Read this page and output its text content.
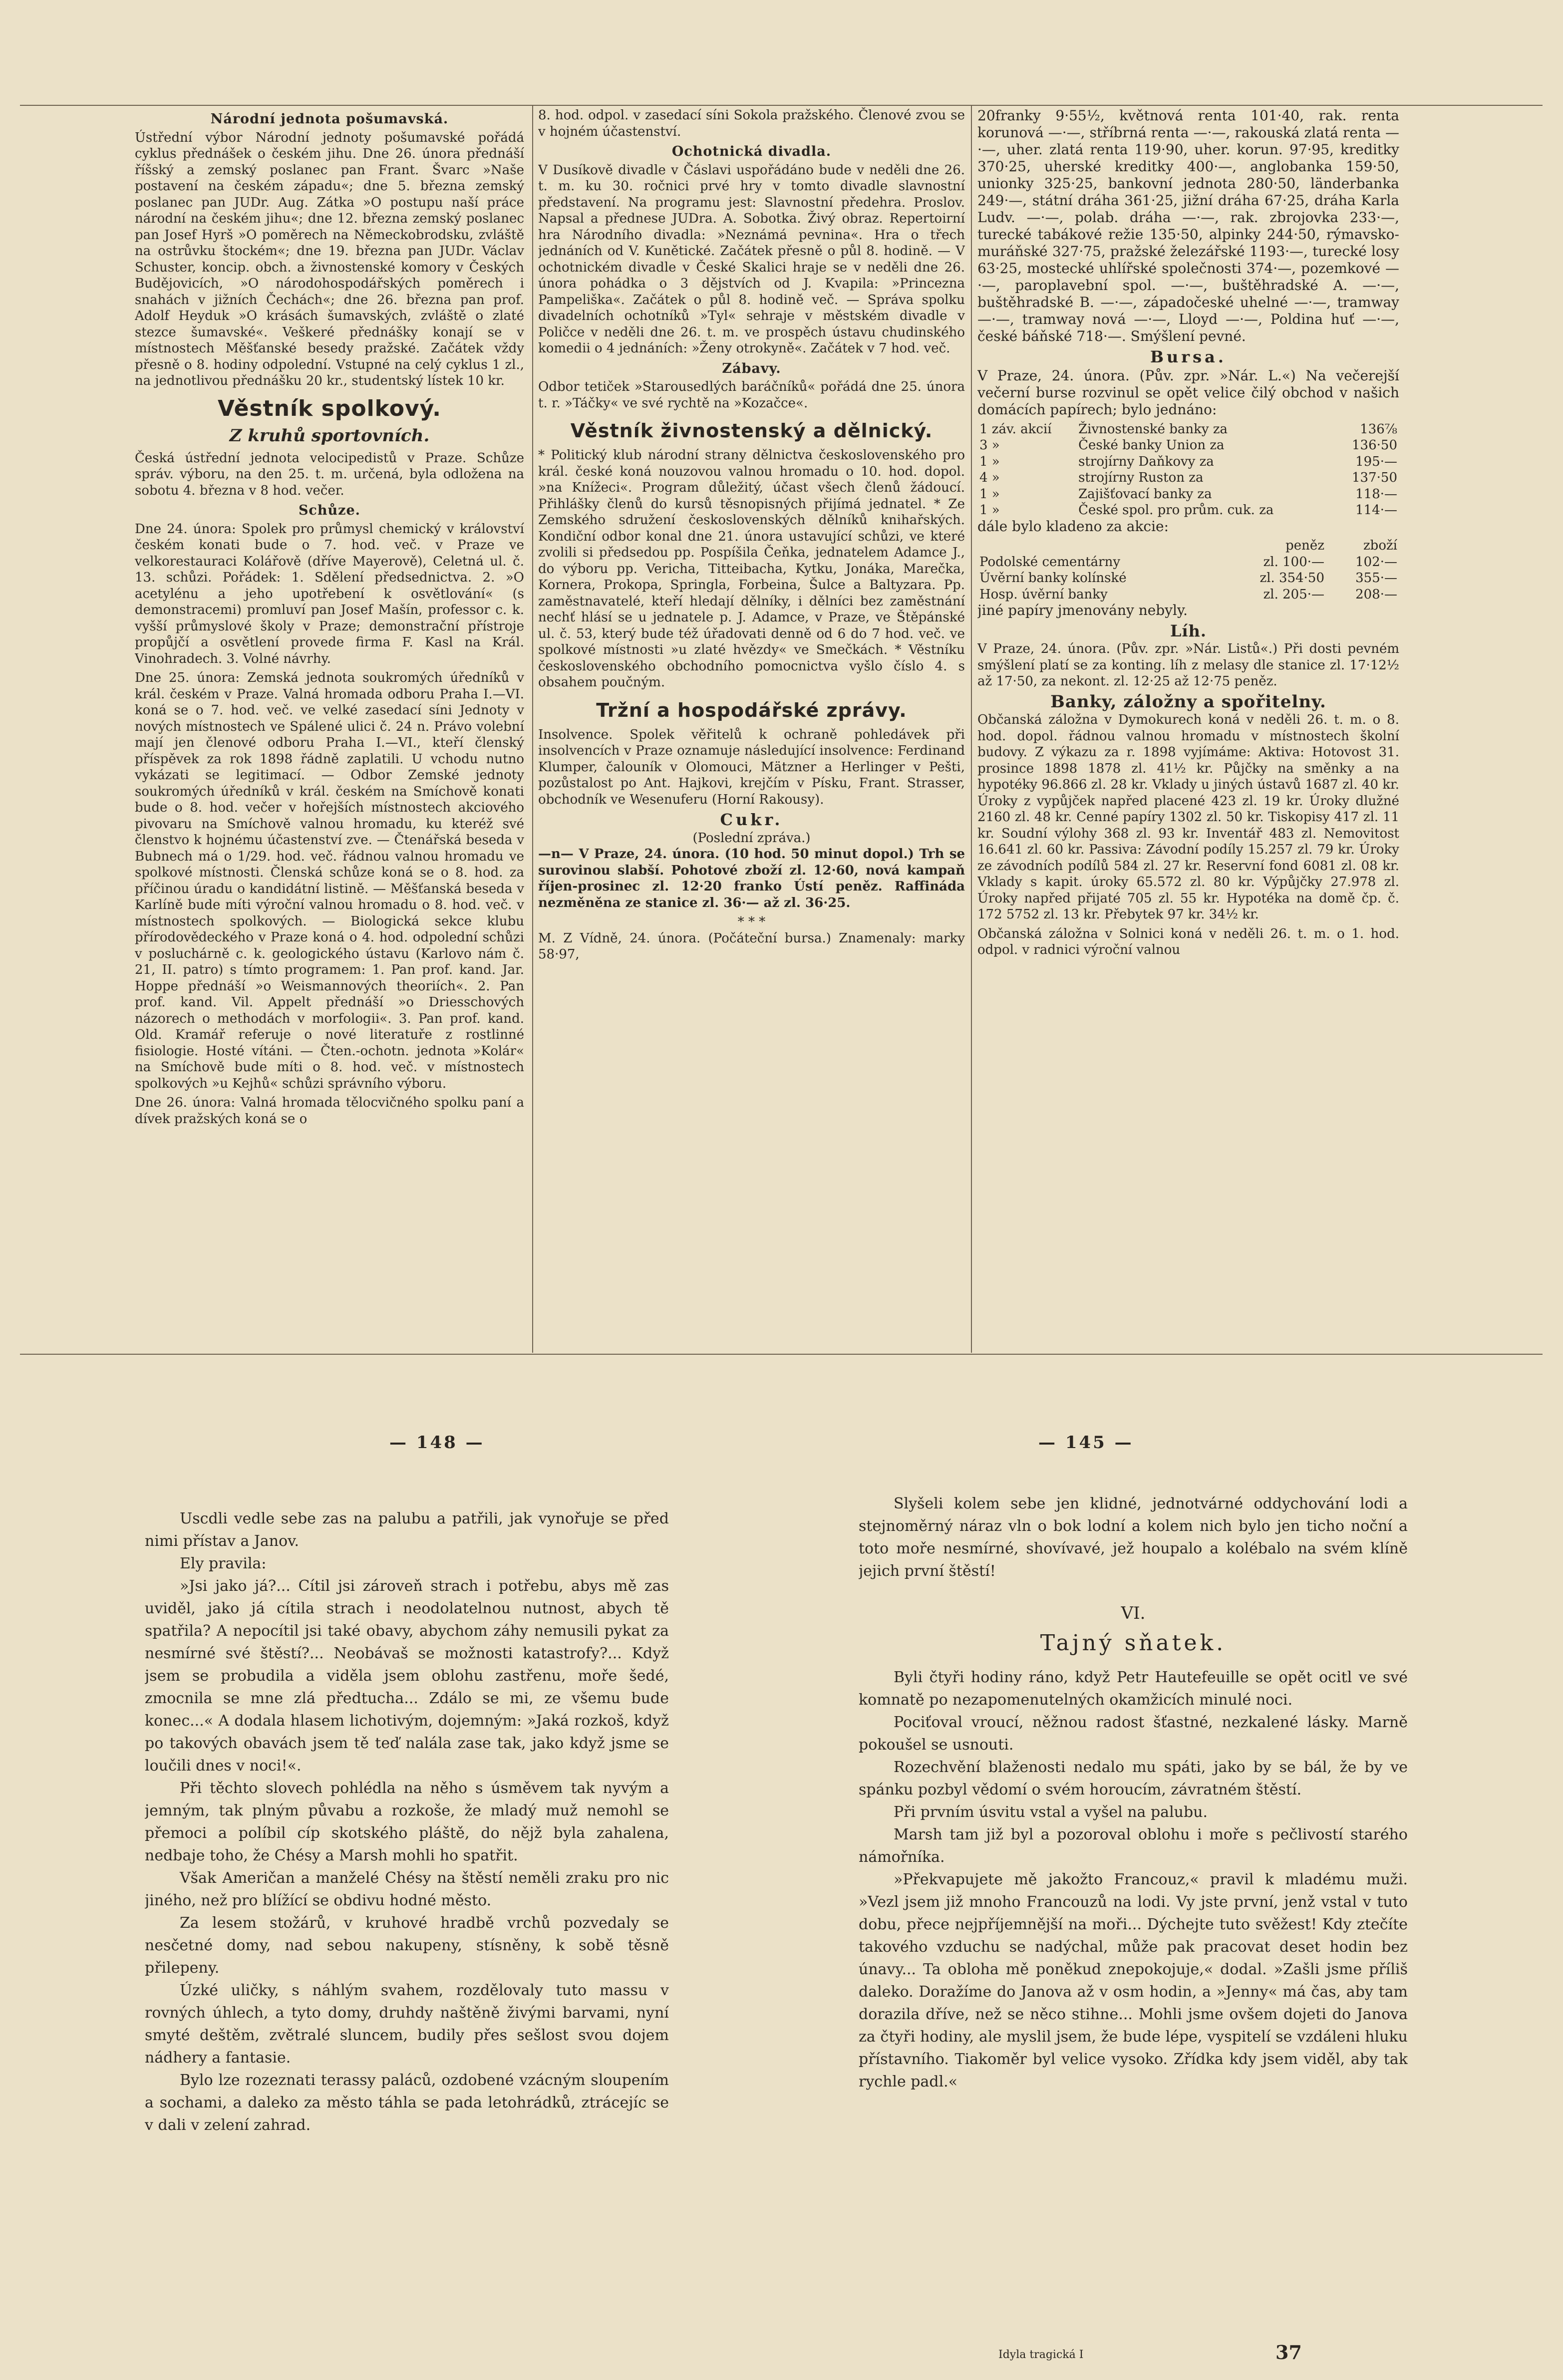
Národní jednota pošumavská.

Ústřední výbor Národní jednoty pošumavské pořádá cyklus přednášek o českém jihu. Dne 26. února přednáší říšský a zemský poslanec pan Frant. Švarc »Naše postavení na českém západu«; dne 5. března zemský poslanec pan JUDr. Aug. Zátka »O postupu naší práce národní na českém jihu«; dne 12. března zemský poslanec pan Josef Hyrš »O poměrech na Německobrodsku, zvláště na ostrůvku štockém«; dne 19. března pan JUDr. Václav Schuster, koncip. obch. a živnostenské komory v Českých Budějovicích, »O národohospodářských poměrech i snahách v jižních Čechách«; dne 26. března pan prof. Adolf Heyduk »O krásách šumavských, zvláště o zlaté stezce šumavské«. Veškeré přednášky konají se v místnostech Měšťanské besedy pražské. Začátek vždy přesně o 8. hodiny odpolední. Vstupné na celý cyklus 1 zl., na jednotlivou přednášku 20 kr., studentský lístek 10 kr.

Věstník spolkový.
Z kruhů sportovních.

Česká ústřední jednota velocipedistů v Praze. Schůze správ. výboru, na den 25. t. m. určená, byla odložena na sobotu 4. března v 8 hod. večer.

Schůze.

Dne 24. února: Spolek pro průmysl chemický v království českém konati bude o 7. hod. več. v Praze ve velkorestauraci Kolářově (dříve Mayerově), Celetná ul. č. 13. schůzi. Pořádek: 1. Sdělení předsednictva. 2. »O acetylénu a jeho upotřebení k osvětlování« (s demonstracemi) promluví pan Josef Mašín, professor c. k. vyšší průmyslové školy v Praze; demonstrační přístroje propůjčí a osvětlení provede firma F. Kasl na Král. Vinohradech. 3. Volné návrhy.

Dne 25. února: Zemská jednota soukromých úředníků v král. českém v Praze. Valná hromada odboru Praha I.—VI. koná se o 7. hod. več. ve velké zasedací síni Jednoty v nových místnostech ve Spálené ulici č. 24 n. Právo volební mají jen členové odboru Praha I.—VI., kteří členský příspěvek za rok 1898 řádně zaplatili. U vchodu nutno vykázati se legitimací. — Odbor Zemské jednoty soukromých úředníků v král. českém na Smíchově konati bude o 8. hod. večer v hořejších místnostech akciového pivovaru na Smíchově valnou hromadu, ku kteréž své členstvo k hojnému účastenství zve. — Čtenářská beseda v Bubnech má o 1/29. hod. več. řádnou valnou hromadu ve spolkové místnosti. Členská schůze koná se o 8. hod. za příčinou úradu o kandidátní listině. — Měšťanská beseda v Karlíně bude míti výroční valnou hromadu o 8. hod. več. v místnostech spolkových. — Biologická sekce klubu přírodovědeckého v Praze koná o 4. hod. odpolední schůzi v posluchárně c. k. geologického ústavu (Karlovo nám č. 21, II. patro) s tímto programem: 1. Pan prof. kand. Jar. Hoppe přednáší »o Weismannových theoriích«. 2. Pan prof. kand. Vil. Appelt přednáší »o Driesschových názorech o methodách v morfologii«. 3. Pan prof. kand. Old. Kramář referuje o nové literatuře z rostlinné fisiologie. Hosté vítáni. — Čten.-ochotn. jednota »Kolár« na Smíchově bude míti o 8. hod. več. v místnostech spolkových »u Kejhů« schůzi správního výboru.

Dne 26. února: Valná hromada tělocvičného spolku paní a dívek pražských koná se o

8. hod. odpol. v zasedací síni Sokola pražského. Členové zvou se v hojném účastenství.

Ochotnická divadla.

V Dusíkově divadle v Čáslavi uspořádáno bude v neděli dne 26. t. m. ku 30. ročnici prvé hry v tomto divadle slavnostní představení. Na programu jest: Slavnostní předehra. Proslov. Napsal a přednese JUDra. A. Sobotka. Živý obraz. Repertoirní hra Národního divadla: »Neznámá pevnina«. Hra o třech jednáních od V. Kunětické. Začátek přesně o půl 8. hodině. — V ochotnickém divadle v České Skalici hraje se v neděli dne 26. února pohádka o 3 dějstvích od J. Kvapila: »Princezna Pampeliška«. Začátek o půl 8. hodině več. — Správa spolku divadelních ochotníků »Tyl« sehraje v městském divadle v Poličce v neděli dne 26. t. m. ve prospěch ústavu chudinského komedii o 4 jednáních: »Ženy otrokyně«. Začátek v 7 hod. več.

Zábavy.

Odbor tetiček »Starousedlých baráčníků« pořádá dne 25. února t. r. »Táčky« ve své rychtě na »Kozačce«.

Věstník živnostenský a dělnický.

* Politický klub národní strany dělnictva československého pro král. české koná nouzovou valnou hromadu o 10. hod. dopol. »na Knížeci«. Program důležitý, účast všech členů žádoucí. Přihlášky členů do kursů těsnopisných přijímá jednatel. * Ze Zemského sdružení československých dělníků knihařských. Kondiční odbor konal dne 21. února ustavující schůzi, ve které zvolili si předsedou pp. Pospíšila Čeňka, jednatelem Adamce J., do výboru pp. Vericha, Titteibacha, Kytku, Jonáka, Marečka, Kornera, Prokopa, Springla, Forbeina, Šulce a Baltyzara. Pp. zaměstnavatelé, kteří hledají dělníky, i dělníci bez zaměstnání nechť hlásí se u jednatele p. J. Adamce, v Praze, ve Štěpánské ul. č. 53, který bude též úřadovati denně od 6 do 7 hod. več. ve spolkové místnosti »u zlaté hvězdy« ve Smečkách. * Věstníku československého obchodního pomocnictva vyšlo číslo 4. s obsahem poučným.

Tržní a hospodářské zprávy.

Insolvence. Spolek věřitelů k ochraně pohledávek při insolvencích v Praze oznamuje následující insolvence: Ferdinand Klumper, čalouník v Olomouci, Mätzner a Herlinger v Pešti, pozůstalost po Ant. Hajkovi, krejčím v Písku, Frant. Strasser, obchodník ve Wesenuferu (Horní Rakousy).

Cukr.
(Poslední zpráva.)

—n— V Praze, 24. února. (10 hod. 50 minut dopol.) Trh se surovinou slabší. Pohotové zboží zl. 12·60, nová kampaň říjen-prosinec zl. 12·20 franko Ústí peněz. Raffináda nezměněna ze stanice zl. 36·— až zl. 36·25.

* * *

M. Z Vídně, 24. února. (Počáteční bursa.) Znamenaly: marky 58·97,

20franky 9·55½, květnová renta 101·40, rak. renta korunová —·—, stříbrná renta —·—, rakouská zlatá renta —·—, uher. zlatá renta 119·90, uher. korun. 97·95, kreditky 370·25, uherské kreditky 400·—, anglobanka 159·50, unionky 325·25, bankovní jednota 280·50, länderbanka 249·—, státní dráha 361·25, jižní dráha 67·25, dráha Karla Ludv. —·—, polab. dráha —·—, rak. zbrojovka 233·—, turecké tabákové režie 135·50, alpinky 244·50, rýmavsko-muráňské 327·75, pražské železářské 1193·—, turecké losy 63·25, mostecké uhlířské společnosti 374·—, pozemkové —·—, paroplavební spol. —·—, buštěhradské A. —·—, buštěhradské B. —·—, západočeské uhelné —·—, tramway —·—, tramway nová —·—, Lloyd —·—, Poldina huť —·—, české báňské 718·—. Smýšlení pevné.

Bursa.

V Praze, 24. února. (Pův. zpr. »Nár. L.«) Na večerejší večerní burse rozvinul se opět velice čilý obchod v našich domácích papírech; bylo jednáno:

1 záv. akcií	Živnostenské banky za	136⅞
3 »	České banky Union za	136·50
1 »	strojírny Daňkovy za	195·—
4 »	strojírny Ruston za	137·50
1 »	Zajišťovací banky za	118·—
1 »	České spol. pro prům. cuk. za	114·—

dále bylo kladeno za akcie:

	peněz	zboží
Podolské cementárny	zl. 100·—	102·—
Úvěrní banky kolínské	zl. 354·50	355·—
Hosp. úvěrní banky	zl. 205·—	208·—

jiné papíry jmenovány nebyly.

Líh.

V Praze, 24. února. (Pův. zpr. »Nár. Listů«.) Při dosti pevném smýšlení platí se za konting. líh z melasy dle stanice zl. 17·12½ až 17·50, za nekont. zl. 12·25 až 12·75 peněz.

Banky, záložny a spořitelny.

Občanská záložna v Dymokurech koná v neděli 26. t. m. o 8. hod. dopol. řádnou valnou hromadu v místnostech školní budovy. Z výkazu za r. 1898 vyjímáme: Aktiva: Hotovost 31. prosince 1898 1878 zl. 41½ kr. Půjčky na směnky a na hypotéky 96.866 zl. 28 kr. Vklady u jiných ústavů 1687 zl. 40 kr. Úroky z vypůjček napřed placené 423 zl. 19 kr. Úroky dlužné 2160 zl. 48 kr. Cenné papíry 1302 zl. 50 kr. Tiskopisy 417 zl. 11 kr. Soudní výlohy 368 zl. 93 kr. Inventář 483 zl. Nemovitost 16.641 zl. 60 kr. Passiva: Závodní podíly 15.257 zl. 79 kr. Úroky ze závodních podílů 584 zl. 27 kr. Reservní fond 6081 zl. 08 kr. Vklady s kapit. úroky 65.572 zl. 80 kr. Výpůjčky 27.978 zl. Úroky napřed přijaté 705 zl. 55 kr. Hypotéka na domě čp. č. 172 5752 zl. 13 kr. Přebytek 97 kr. 34½ kr.

Občanská záložna v Solnici koná v neděli 26. t. m. o 1. hod. odpol. v radnici výroční valnou

— 148 —	— 145 —

Uscdli vedle sebe zas na palubu a patřili, jak vynořuje se před nimi přístav a Janov.

Ely pravila:

»Jsi jako já?... Cítil jsi zároveň strach i potřebu, abys mě zas uviděl, jako já cítila strach i neodolatelnou nutnost, abych tě spatřila? A nepocítil jsi také obavy, abychom záhy nemusili pykat za nesmírné své štěstí?... Neobávaš se možnosti katastrofy?... Když jsem se probudila a viděla jsem oblohu zastřenu, moře šedé, zmocnila se mne zlá předtucha... Zdálo se mi, ze všemu bude konec...« A dodala hlasem lichotivým, dojemným: »Jaká rozkoš, když po takových obavách jsem tě teď nalála zase tak, jako když jsme se loučili dnes v noci!«.

Při těchto slovech pohlédla na něho s úsměvem tak nyvým a jemným, tak plným půvabu a rozkoše, že mladý muž nemohl se přemoci a políbil cíp skotského pláště, do nějž byla zahalena, nedbaje toho, že Chésy a Marsh mohli ho spatřit.

Však Američan a manželé Chésy na štěstí neměli zraku pro nic jiného, než pro blížící se obdivu hodné město.

Za lesem stožárů, v kruhové hradbě vrchů pozvedaly se nesčetné domy, nad sebou nakupeny, stísněny, k sobě těsně přilepeny.

Úzké uličky, s náhlým svahem, rozdělovaly tuto massu v rovných úhlech, a tyto domy, druhdy naštěně živými barvami, nyní smyté deštěm, zvětralé sluncem, budily přes sešlost svou dojem nádhery a fantasie.

Bylo lze rozeznati terassy paláců, ozdobené vzácným sloupením a sochami, a daleko za město táhla se pada letohrádků, ztrácejíc se v dali v zelení zahrad.

Slyšeli kolem sebe jen klidné, jednotvárné oddychování lodi a stejnoměrný náraz vln o bok lodní a kolem nich bylo jen ticho noční a toto moře nesmírné, shovívavé, jež houpalo a kolébalo na svém klíně jejich první štěstí!

VI.
Tajný sňatek.

Byli čtyři hodiny ráno, když Petr Hautefeuille se opět ocitl ve své komnatě po nezapomenutelných okamžicích minulé noci.

Pociťoval vroucí, něžnou radost šťastné, nezkalené lásky. Marně pokoušel se usnouti.

Rozechvění blaženosti nedalo mu spáti, jako by se bál, že by ve spánku pozbyl vědomí o svém horoucím, závratném štěstí.

Při prvním úsvitu vstal a vyšel na palubu.

Marsh tam již byl a pozoroval oblohu i moře s pečlivostí starého námořníka.

»Překvapujete mě jakožto Francouz,« pravil k mladému muži. »Vezl jsem již mnoho Francouzů na lodi. Vy jste první, jenž vstal v tuto dobu, přece nejpříjemnější na moři... Dýchejte tuto svěžest! Kdy ztečíte takového vzduchu se nadýchal, může pak pracovat deset hodin bez únavy... Ta obloha mě poněkud znepokojuje,« dodal. »Zašli jsme příliš daleko. Doražíme do Janova až v osm hodin, a »Jenny« má čas, aby tam dorazila dříve, než se něco stihne... Mohli jsme ovšem dojeti do Janova za čtyři hodiny, ale myslil jsem, že bude lépe, vyspitelí se vzdáleni hluku přístavního. Tiakoměr byl velice vysoko. Zřídka kdy jsem viděl, aby tak rychle padl.«

Idyla tragická I	37
